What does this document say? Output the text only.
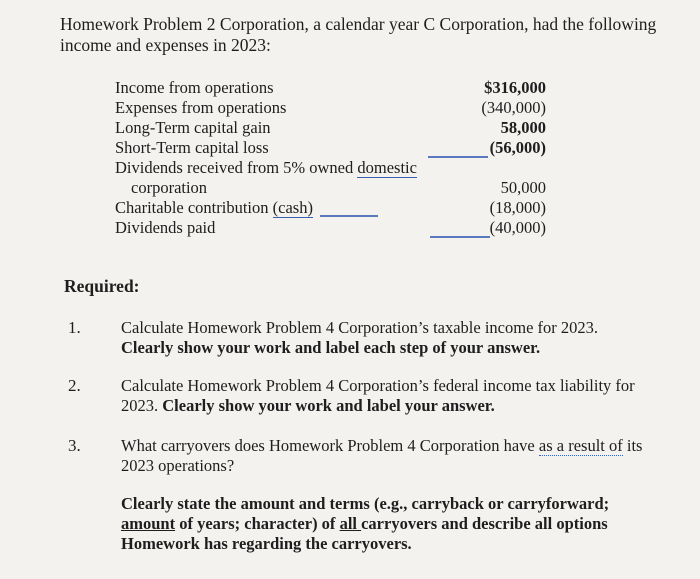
Homework Problem 2 Corporation, a calendar year C Corporation, had the following
income and expenses in 2023:
Income from operations
Expenses from operations
Long-Term capital gain
Short-Term capital loss
Dividends received from 5% owned domestic
corporation
Charitable contribution (cash)
Dividends paid
$316,000
(340,000)
58,000
(56,000)
50,000
(18,000)
(40,000)
Required:
1. Calculate Homework Problem 4 Corporation’s taxable income for 2023.
Clearly show your work and label each step of your answer.
2. Calculate Homework Problem 4 Corporation’s federal income tax liability for
2023. Clearly show your work and label your answer.
3. What carryovers does Homework Problem 4 Corporation have as a result of its
2023 operations?
Clearly state the amount and terms (e.g., carryback or carryforward;
amount of years; character) of all carryovers and describe all options
Homework has regarding the carryovers.
